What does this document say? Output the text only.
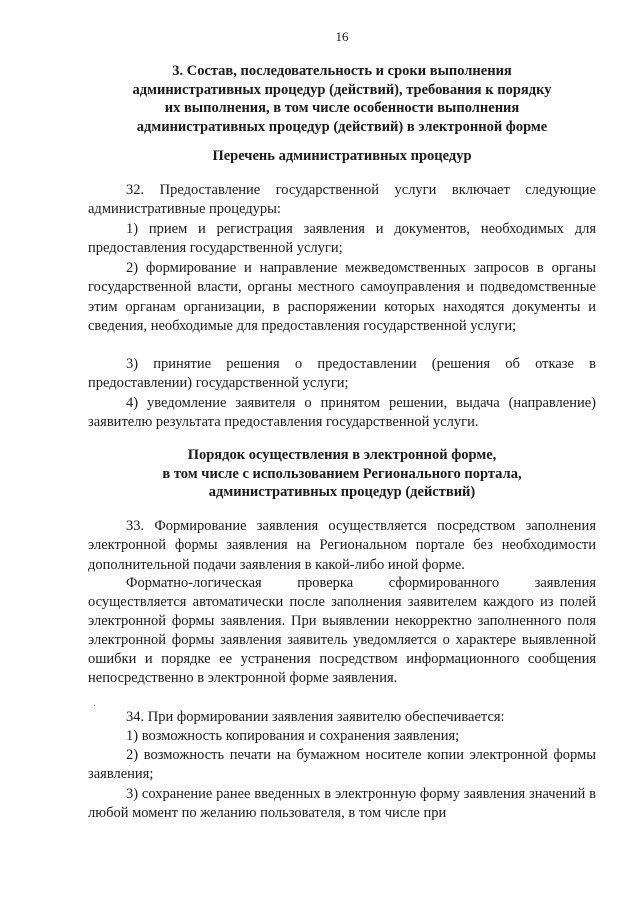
16
3. Состав, последовательность и сроки выполнения
административных процедур (действий), требования к порядку
их выполнения, в том числе особенности выполнения
административных процедур (действий) в электронной форме
Перечень административных процедур
32. Предоставление государственной услуги включает следующие административные процедуры:
1) прием и регистрация заявления и документов, необходимых для предоставления государственной услуги;
2) формирование и направление межведомственных запросов в органы государственной власти, органы местного самоуправления и подведомственные этим органам организации, в распоряжении которых находятся документы и сведения, необходимые для предоставления государственной услуги;
3) принятие решения о предоставлении (решения об отказе в предоставлении) государственной услуги;
4) уведомление заявителя о принятом решении, выдача (направление) заявителю результата предоставления государственной услуги.
Порядок осуществления в электронной форме,
в том числе с использованием Регионального портала,
административных процедур (действий)
33. Формирование заявления осуществляется посредством заполнения электронной формы заявления на Региональном портале без необходимости дополнительной подачи заявления в какой-либо иной форме.
Форматно-логическая проверка сформированного заявления осуществляется автоматически после заполнения заявителем каждого из полей электронной формы заявления. При выявлении некорректно заполненного поля электронной формы заявления заявитель уведомляется о характере выявленной ошибки и порядке ее устранения посредством информационного сообщения непосредственно в электронной форме заявления.
34. При формировании заявления заявителю обеспечивается:
1) возможность копирования и сохранения заявления;
2) возможность печати на бумажном носителе копии электронной формы заявления;
3) сохранение ранее введенных в электронную форму заявления значений в любой момент по желанию пользователя, в том числе при
